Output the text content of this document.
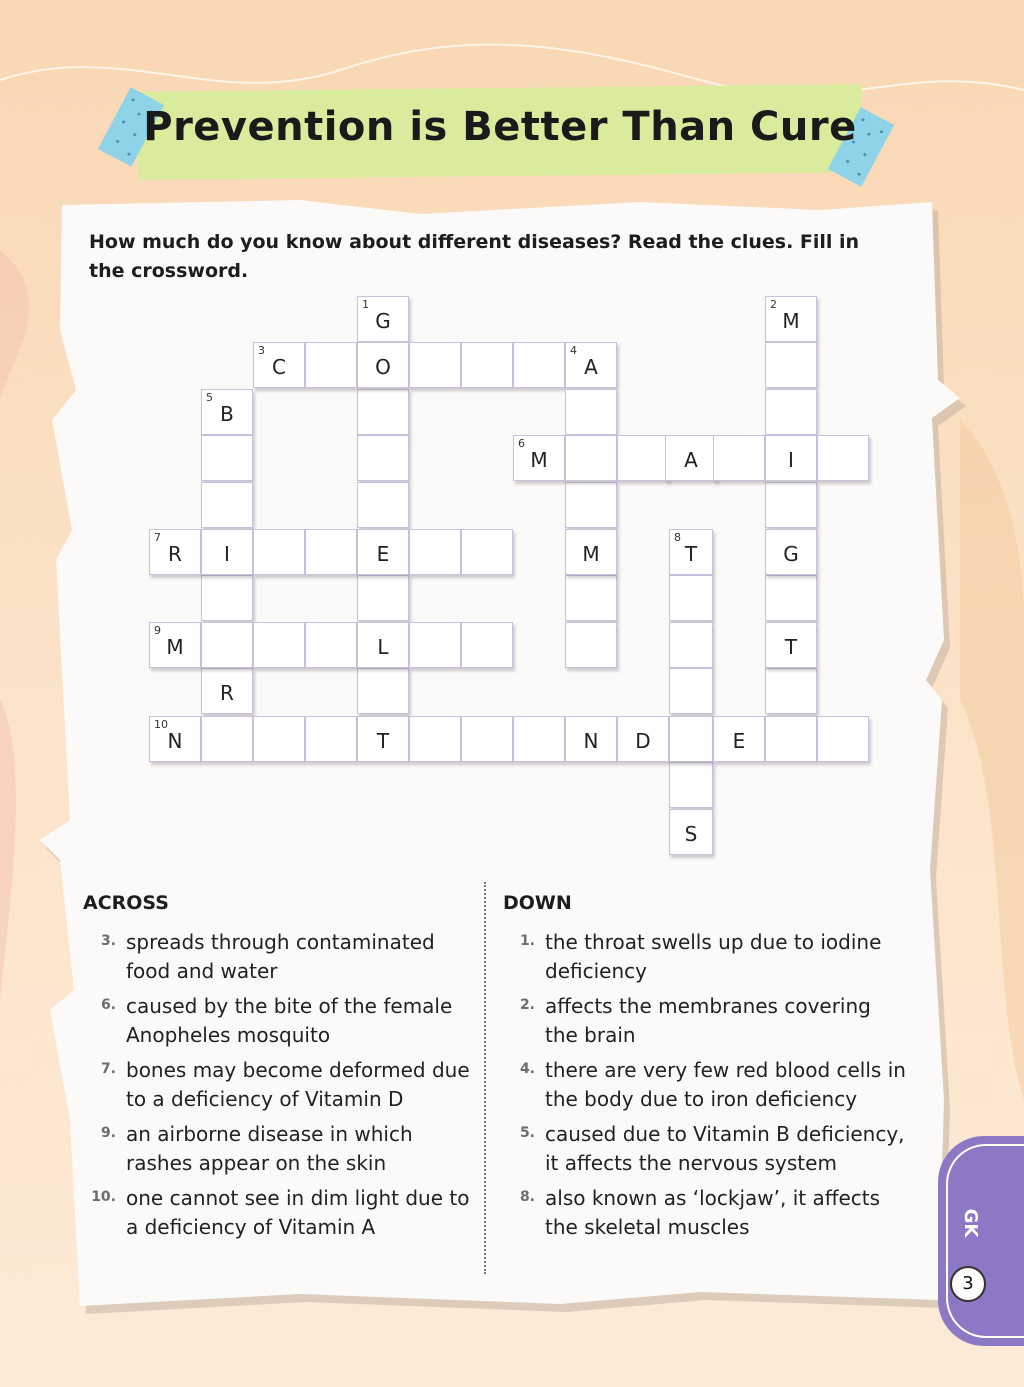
Prevention is Better Than Cure
How much do you know about different diseases? Read the clues. Fill in the crossword.
1
G
2
M
3
C	O
4
A
5
B
R
6
M	A	I
7
R	I	E	M
8
T
S
G
T
9
M	L
10
N	T	N	D	E
ACROSS
3. spreads through contaminated food and water
6. caused by the bite of the female Anopheles mosquito
7. bones may become deformed due to a deficiency of Vitamin D
9. an airborne disease in which rashes appear on the skin
10. one cannot see in dim light due to a deficiency of Vitamin A
DOWN
1. the throat swells up due to iodine deficiency
2. affects the membranes covering the brain
4. there are very few red blood cells in the body due to iron deficiency
5. caused due to Vitamin B deficiency, it affects the nervous system
8. also known as ‘lockjaw’, it affects the skeletal muscles	GK
3
